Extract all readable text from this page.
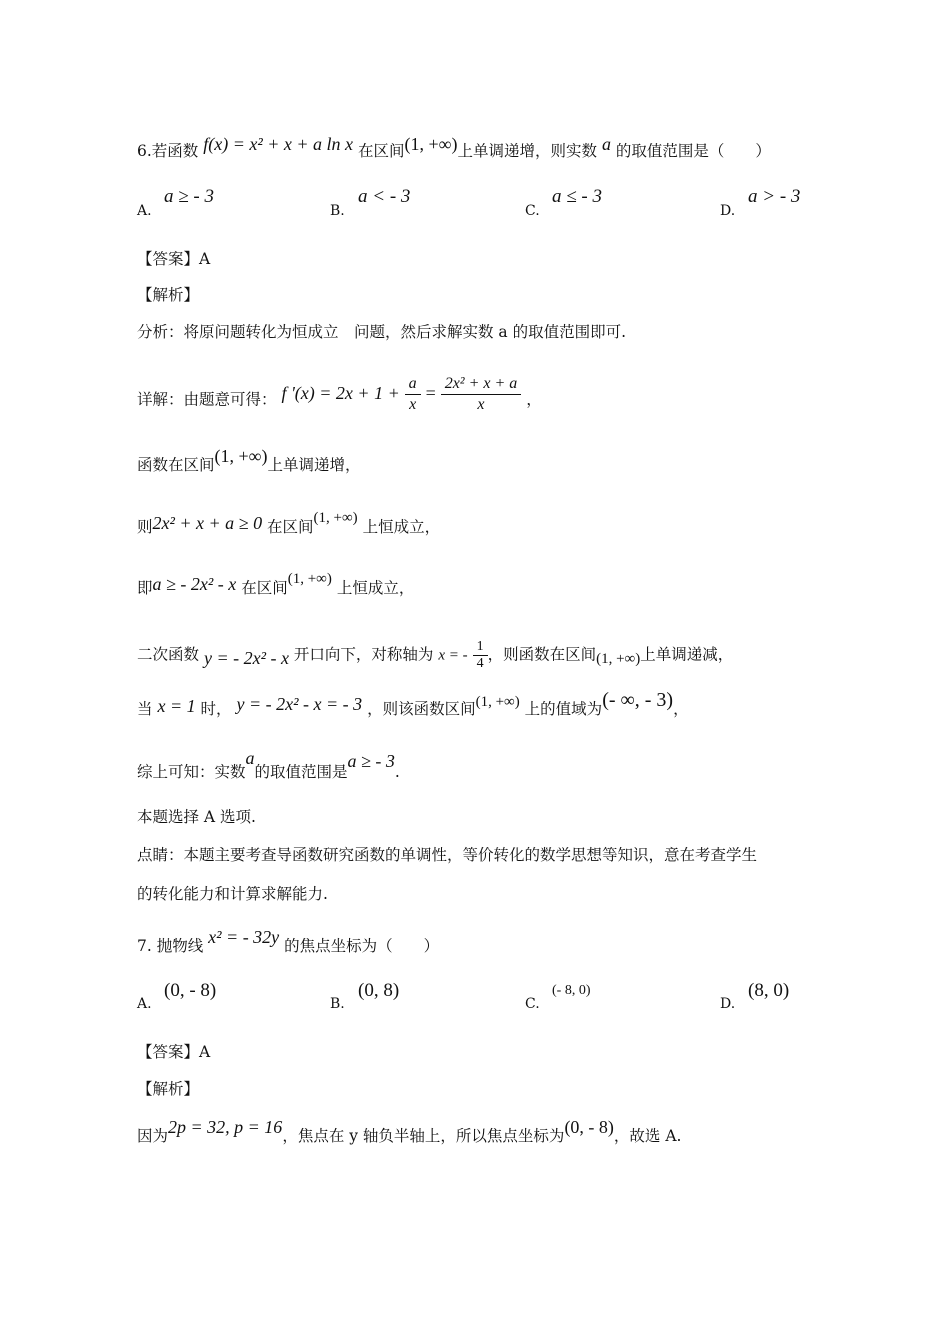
6.若函数 f(x) = x² + x + a ln x 在区间(1, +∞)上单调递增，则实数 a 的取值范围是（　　）
A.
a ≥ - 3
B.
a < - 3
C.
a ≤ - 3
D.
a > - 3
【答案】A
【解析】
分析：将原问题转化为恒成立　问题，然后求解实数 a 的取值范围即可.
详解：由题意可得： f '$(x) = 2x + 1 + \frac{a}{x} = \frac{\text{2x² + x + a}}{x}$ ，
函数在区间(1, +∞)上单调递增，
则2x² + x + a ≥ 0 在区间(1, +∞) 上恒成立，
即a ≥ - 2x² - x 在区间(1, +∞) 上恒成立，
二次函数 y = - 2x² - x 开口向下，对称轴为 x = - $\frac{1}{4}$ ，则函数在区间(1, +∞)上单调递减，
当 x = 1 时， y = - 2x² - x = - 3 ，则该函数区间(1, +∞) 上的值域为(- ∞, - 3)，
综上可知：实数a的取值范围是a ≥ - 3.
本题选择 A 选项.
点睛：本题主要考查导函数研究函数的单调性，等价转化的数学思想等知识，意在考查学生
的转化能力和计算求解能力.
7. 抛物线 x² = - 32y 的焦点坐标为（　　）
A.
(0, - 8)
B.
(0, 8)
C.
(- 8, 0)
D.
(8, 0)
【答案】A
【解析】
因为2p = 32, p = 16，焦点在 y 轴负半轴上，所以焦点坐标为(0, - 8)，故选 A.
